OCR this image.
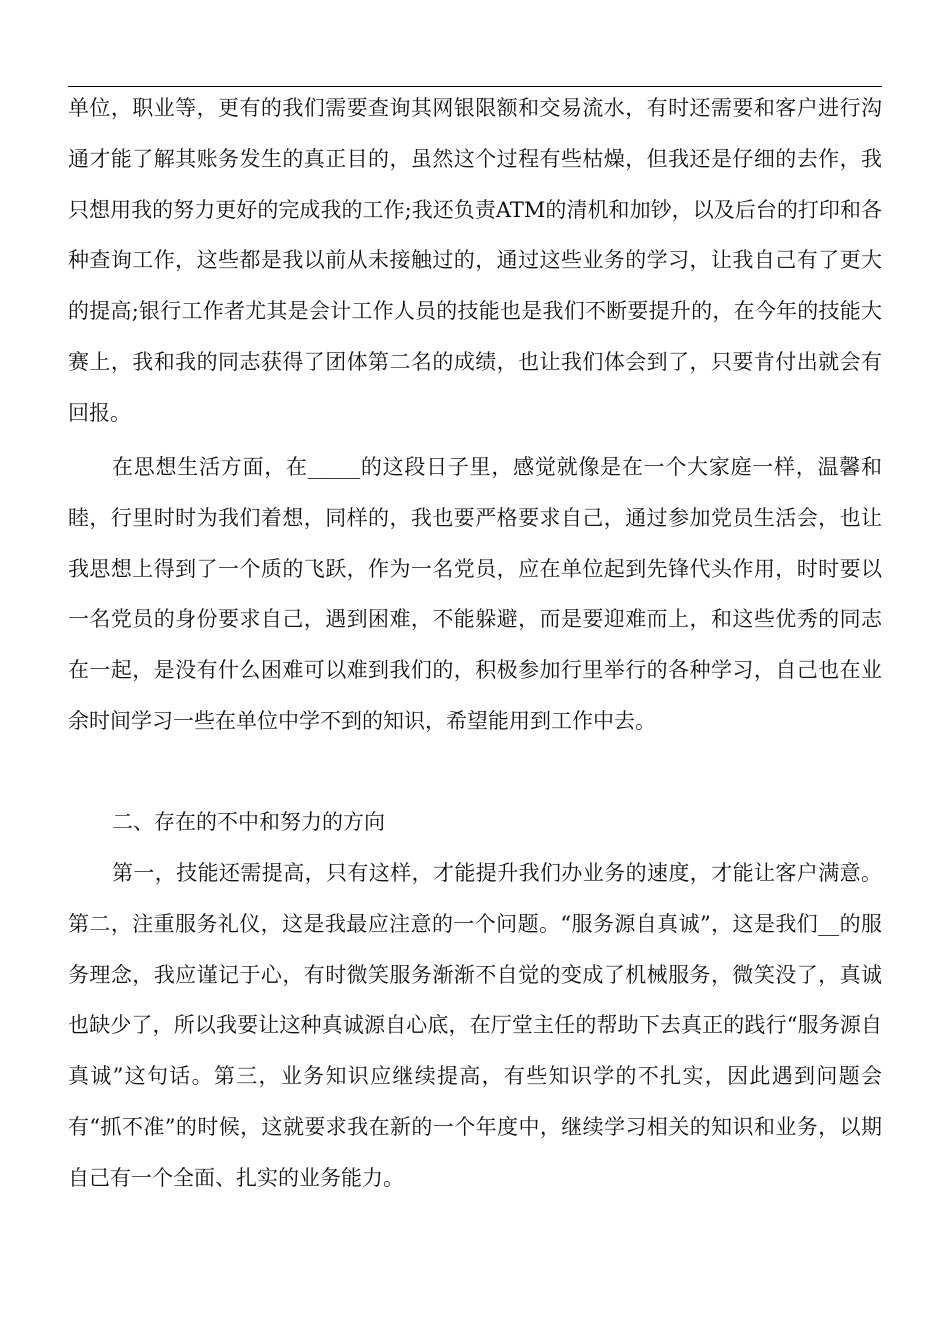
单位，职业等，更有的我们需要查询其网银限额和交易流水，有时还需要和客户进行沟通才能了解其账务发生的真正目的，虽然这个过程有些枯燥，但我还是仔细的去作，我只想用我的努力更好的完成我的工作;我还负责ATM的清机和加钞，以及后台的打印和各种查询工作，这些都是我以前从未接触过的，通过这些业务的学习，让我自己有了更大的提高;银行工作者尤其是会计工作人员的技能也是我们不断要提升的，在今年的技能大赛上，我和我的同志获得了团体第二名的成绩，也让我们体会到了，只要肯付出就会有回报。

在思想生活方面，在_____的这段日子里，感觉就像是在一个大家庭一样，温馨和睦，行里时时为我们着想，同样的，我也要严格要求自己，通过参加党员生活会，也让我思想上得到了一个质的飞跃，作为一名党员，应在单位起到先锋代头作用，时时要以一名党员的身份要求自己，遇到困难，不能躲避，而是要迎难而上，和这些优秀的同志在一起，是没有什么困难可以难到我们的，积极参加行里举行的各种学习，自己也在业余时间学习一些在单位中学不到的知识，希望能用到工作中去。

二、存在的不中和努力的方向

第一，技能还需提高，只有这样，才能提升我们办业务的速度，才能让客户满意。第二，注重服务礼仪，这是我最应注意的一个问题。“服务源自真诚”，这是我们__的服务理念，我应谨记于心，有时微笑服务渐渐不自觉的变成了机械服务，微笑没了，真诚也缺少了，所以我要让这种真诚源自心底，在厅堂主任的帮助下去真正的践行“服务源自真诚”这句话。第三，业务知识应继续提高，有些知识学的不扎实，因此遇到问题会有“抓不准”的时候，这就要求我在新的一个年度中，继续学习相关的知识和业务，以期自己有一个全面、扎实的业务能力。
